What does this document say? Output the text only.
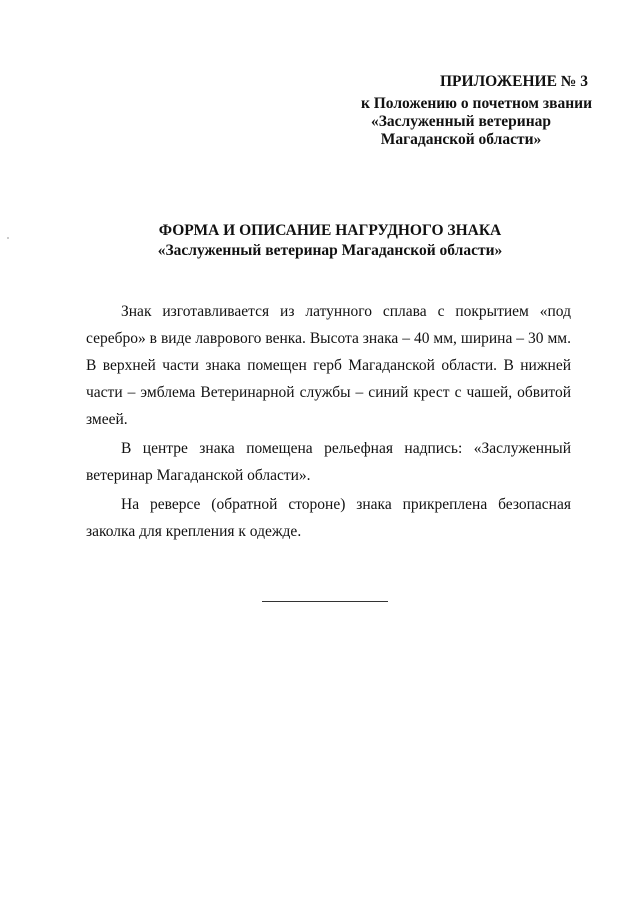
ПРИЛОЖЕНИЕ № 3
к Положению о почетном звании
«Заслуженный ветеринар
Магаданской области»
ФОРМА И ОПИСАНИЕ НАГРУДНОГО ЗНАКА
«Заслуженный ветеринар Магаданской области»

Знак изготавливается из латунного сплава с покрытием «под серебро» в виде лаврового венка. Высота знака – 40 мм, ширина – 30 мм. В верхней части знака помещен герб Магаданской области. В нижней части – эмблема Ветеринарной службы – синий крест с чашей, обвитой змеей.

В центре знака помещена рельефная надпись: «Заслуженный ветеринар Магаданской области».

На реверсе (обратной стороне) знака прикреплена безопасная заколка для крепления к одежде.
